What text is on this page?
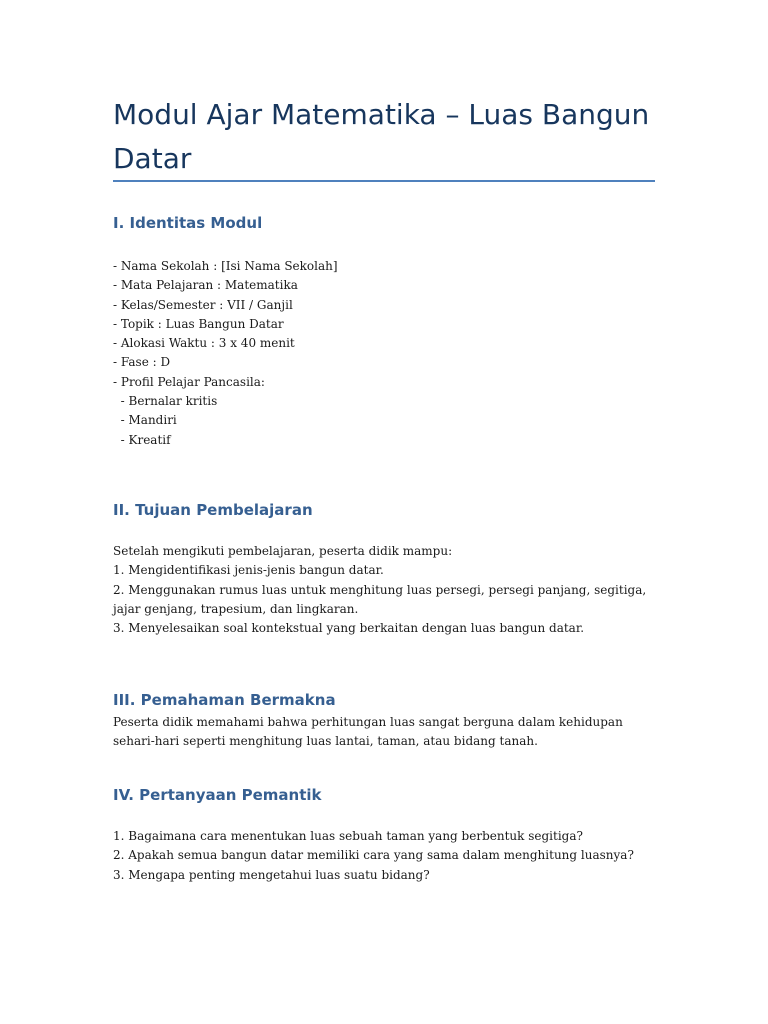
Modul Ajar Matematika – Luas Bangun Datar
I. Identitas Modul
- Nama Sekolah : [Isi Nama Sekolah]
- Mata Pelajaran : Matematika
- Kelas/Semester : VII / Ganjil
- Topik : Luas Bangun Datar
- Alokasi Waktu : 3 x 40 menit
- Fase : D
- Profil Pelajar Pancasila:
- Bernalar kritis
- Mandiri
- Kreatif
II. Tujuan Pembelajaran
Setelah mengikuti pembelajaran, peserta didik mampu:
1. Mengidentifikasi jenis-jenis bangun datar.
2. Menggunakan rumus luas untuk menghitung luas persegi, persegi panjang, segitiga, jajar genjang, trapesium, dan lingkaran.
3. Menyelesaikan soal kontekstual yang berkaitan dengan luas bangun datar.
III. Pemahaman Bermakna
Peserta didik memahami bahwa perhitungan luas sangat berguna dalam kehidupan sehari-hari seperti menghitung luas lantai, taman, atau bidang tanah.
IV. Pertanyaan Pemantik
1. Bagaimana cara menentukan luas sebuah taman yang berbentuk segitiga?
2. Apakah semua bangun datar memiliki cara yang sama dalam menghitung luasnya?
3. Mengapa penting mengetahui luas suatu bidang?
